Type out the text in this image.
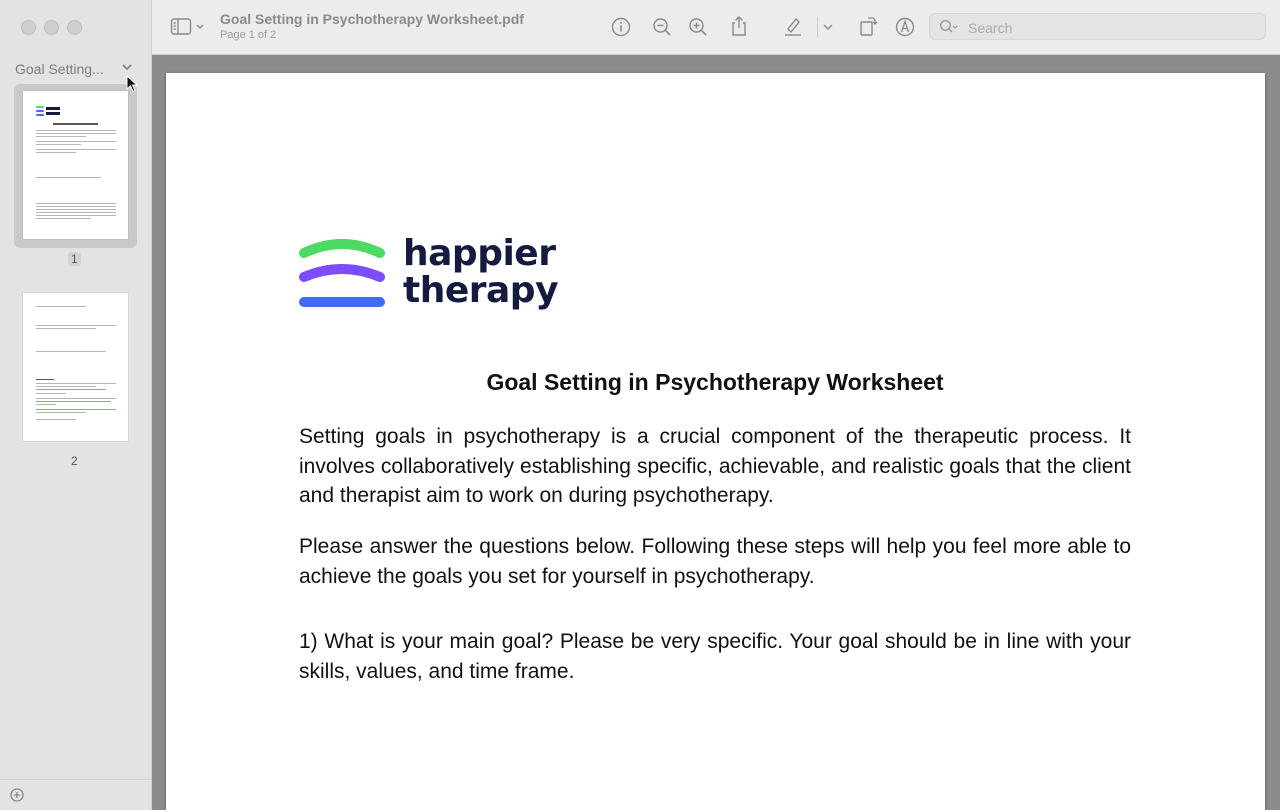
Goal Setting...
1
2
Goal Setting in Psychotherapy Worksheet.pdf
Page 1 of 2
Search
happier
therapy
Goal Setting in Psychotherapy Worksheet
Setting goals in psychotherapy is a crucial component of the therapeutic process. It involves collaboratively establishing specific, achievable, and realistic goals that the client and therapist aim to work on during psychotherapy.
Please answer the questions below. Following these steps will help you feel more able to achieve the goals you set for yourself in psychotherapy.
1) What is your main goal? Please be very specific. Your goal should be in line with your skills, values, and time frame.
